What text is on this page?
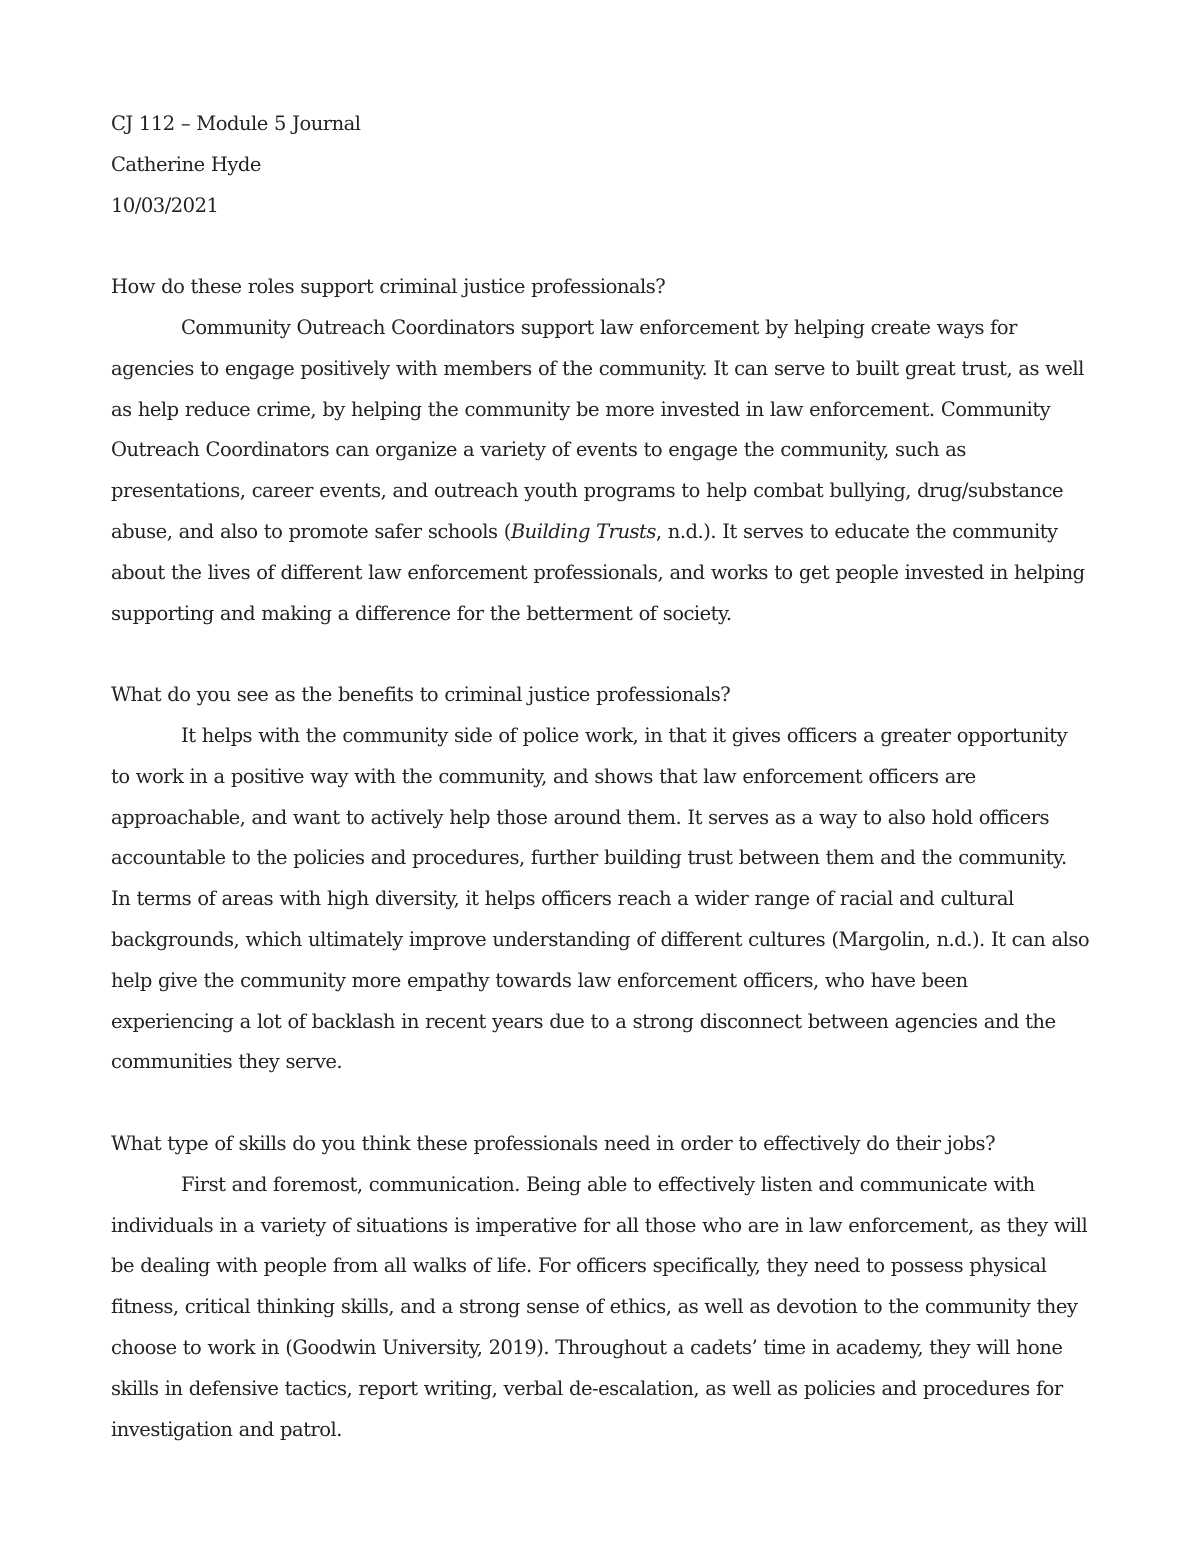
CJ 112 – Module 5 Journal
Catherine Hyde
10/03/2021
How do these roles support criminal justice professionals?

Community Outreach Coordinators support law enforcement by helping create ways for agencies to engage positively with members of the community. It can serve to built great trust, as well as help reduce crime, by helping the community be more invested in law enforcement. Community Outreach Coordinators can organize a variety of events to engage the community, such as presentations, career events, and outreach youth programs to help combat bullying, drug/substance abuse, and also to promote safer schools (Building Trusts, n.d.). It serves to educate the community about the lives of different law enforcement professionals, and works to get people invested in helping supporting and making a difference for the betterment of society.

What do you see as the benefits to criminal justice professionals?

It helps with the community side of police work, in that it gives officers a greater opportunity to work in a positive way with the community, and shows that law enforcement officers are approachable, and want to actively help those around them. It serves as a way to also hold officers accountable to the policies and procedures, further building trust between them and the community. In terms of areas with high diversity, it helps officers reach a wider range of racial and cultural backgrounds, which ultimately improve understanding of different cultures (Margolin, n.d.). It can also help give the community more empathy towards law enforcement officers, who have been experiencing a lot of backlash in recent years due to a strong disconnect between agencies and the communities they serve.

What type of skills do you think these professionals need in order to effectively do their jobs?

First and foremost, communication. Being able to effectively listen and communicate with individuals in a variety of situations is imperative for all those who are in law enforcement, as they will be dealing with people from all walks of life. For officers specifically, they need to possess physical fitness, critical thinking skills, and a strong sense of ethics, as well as devotion to the community they choose to work in (Goodwin University, 2019). Throughout a cadets’ time in academy, they will hone skills in defensive tactics, report writing, verbal de-escalation, as well as policies and procedures for investigation and patrol.
